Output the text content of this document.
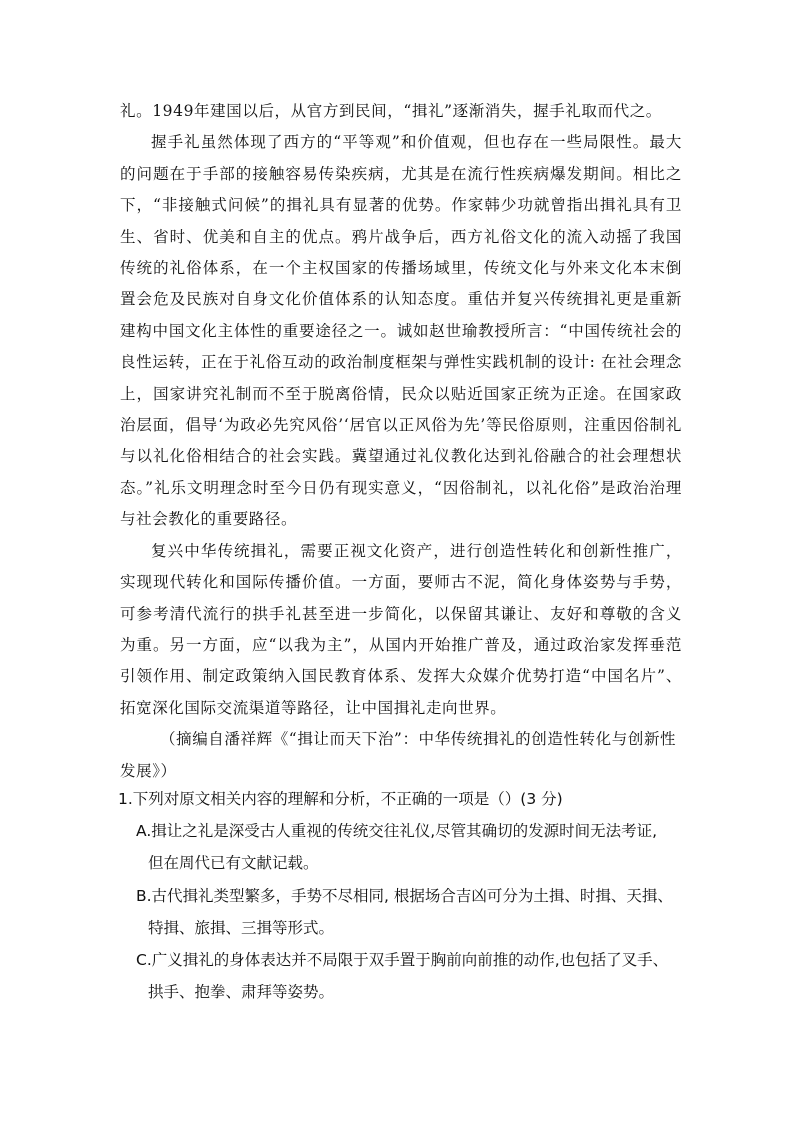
礼。1949年建国以后，从官方到民间，“揖礼”逐渐消失，握手礼取而代之。

握手礼虽然体现了西方的“平等观”和价值观，但也存在一些局限性。最大的问题在于手部的接触容易传染疾病，尤其是在流行性疾病爆发期间。相比之下，“非接触式问候”的揖礼具有显著的优势。作家韩少功就曾指出揖礼具有卫生、省时、优美和自主的优点。鸦片战争后，西方礼俗文化的流入动摇了我国传统的礼俗体系，在一个主权国家的传播场域里，传统文化与外来文化本末倒置会危及民族对自身文化价值体系的认知态度。重估并复兴传统揖礼更是重新建构中国文化主体性的重要途径之一。诚如赵世瑜教授所言：“中国传统社会的良性运转，正在于礼俗互动的政治制度框架与弹性实践机制的设计: 在社会理念上，国家讲究礼制而不至于脱离俗情，民众以贴近国家正统为正途。在国家政治层面，倡导‘为政必先究风俗’‘居官以正风俗为先’等民俗原则，注重因俗制礼与以礼化俗相结合的社会实践。冀望通过礼仪教化达到礼俗融合的社会理想状态。”礼乐文明理念时至今日仍有现实意义，“因俗制礼，以礼化俗”是政治治理与社会教化的重要路径。

复兴中华传统揖礼，需要正视文化资产，进行创造性转化和创新性推广，实现现代转化和国际传播价值。一方面，要师古不泥，简化身体姿势与手势，可参考清代流行的拱手礼甚至进一步简化，以保留其谦让、友好和尊敬的含义为重。另一方面，应“以我为主”，从国内开始推广普及，通过政治家发挥垂范引领作用、制定政策纳入国民教育体系、发挥大众媒介优势打造“中国名片”、拓宽深化国际交流渠道等路径，让中国揖礼走向世界。

（摘编自潘祥辉《“揖让而天下治”：中华传统揖礼的创造性转化与创新性

发展》）

1.下列对原文相关内容的理解和分析，不正确的一项是（）(3 分)

A.揖让之礼是深受古人重视的传统交往礼仪,尽管其确切的发源时间无法考证,
但在周代已有文献记载。

B.古代揖礼类型繁多，手势不尽相同, 根据场合吉凶可分为土揖、时揖、天揖、
特揖、旅揖、三揖等形式。

C.广义揖礼的身体表达并不局限于双手置于胸前向前推的动作,也包括了叉手、
拱手、抱拳、肃拜等姿势。
